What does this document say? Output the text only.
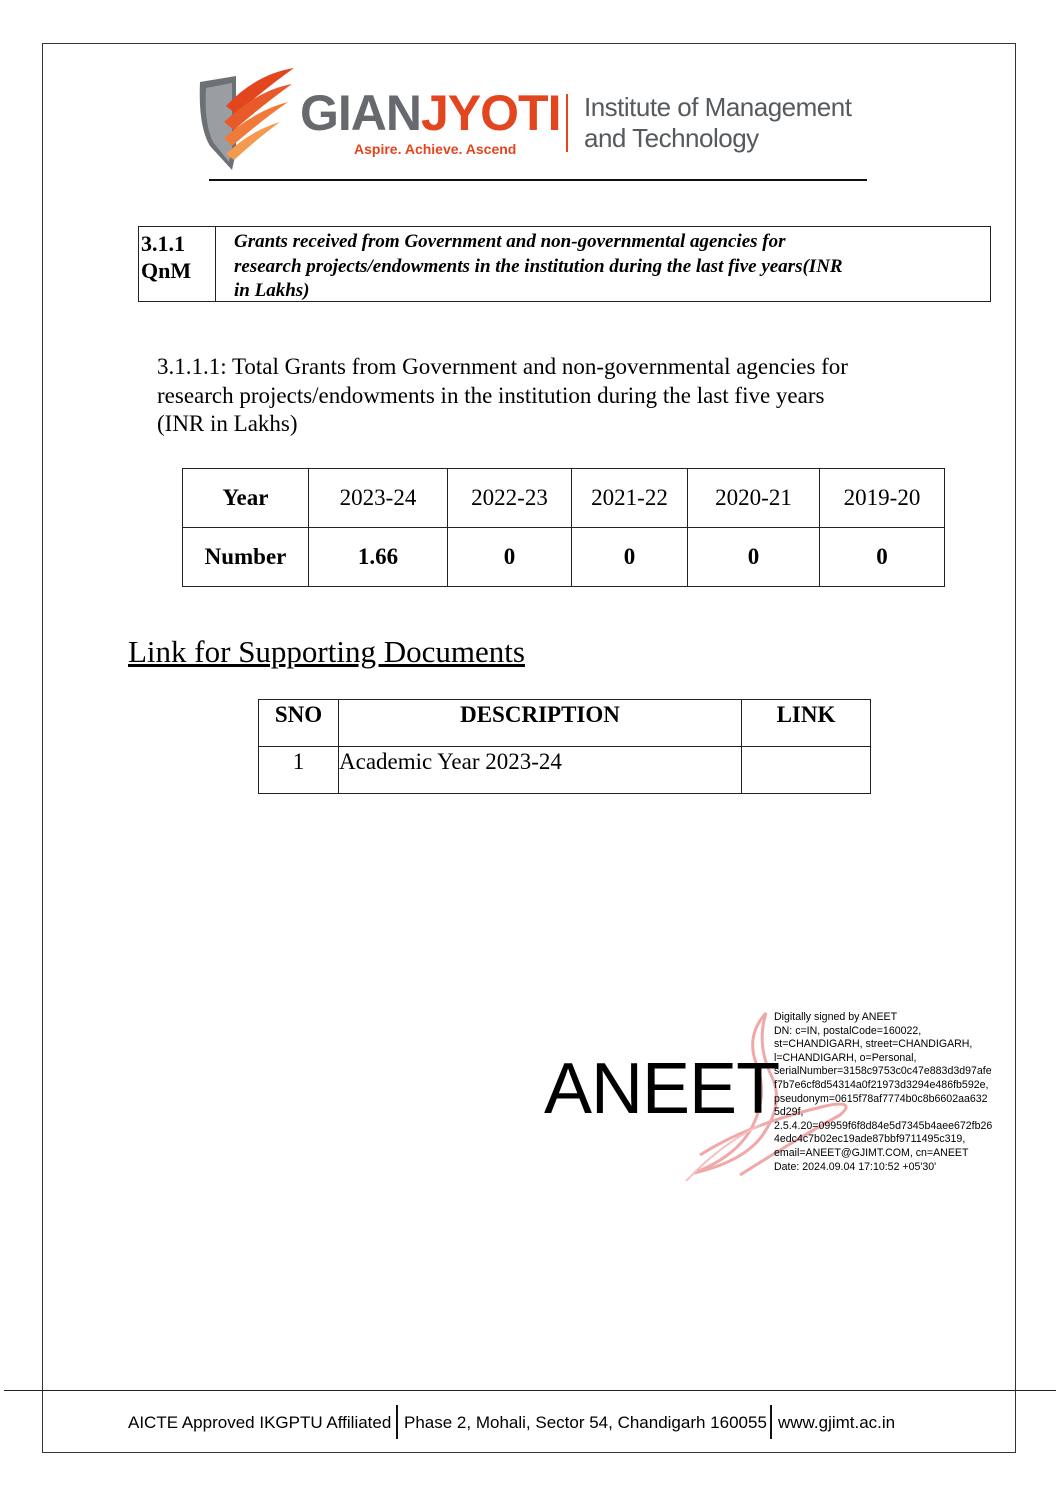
GIANJYOTI
Aspire. Achieve. Ascend
Institute of Management
and Technology
3.1.1
QnM
Grants received from Government and non-governmental agencies for
research projects/endowments in the institution during the last five years(INR
in Lakhs)
3.1.1.1: Total Grants from Government and non-governmental agencies for
research projects/endowments in the institution during the last five years
(INR in Lakhs)
Year	2023-24	2022-23	2021-22	2020-21	2019-20
Number	1.66	0	0	0	0
Link for Supporting Documents
SNO	DESCRIPTION	LINK
1	Academic Year 2023-24	
ANEET
Digitally signed by ANEET
DN: c=IN, postalCode=160022,
st=CHANDIGARH, street=CHANDIGARH,
l=CHANDIGARH, o=Personal,
serialNumber=3158c9753c0c47e883d3d97afe
f7b7e6cf8d54314a0f21973d3294e486fb592e,
pseudonym=0615f78af7774b0c8b6602aa632
5d29f,
2.5.4.20=09959f6f8d84e5d7345b4aee672fb26
4edc4c7b02ec19ade87bbf9711495c319,
email=ANEET@GJIMT.COM, cn=ANEET
Date: 2024.09.04 17:10:52 +05'30'
AICTE Approved IKGPTU Affiliated Phase 2, Mohali, Sector 54, Chandigarh 160055 www.gjimt.ac.in
